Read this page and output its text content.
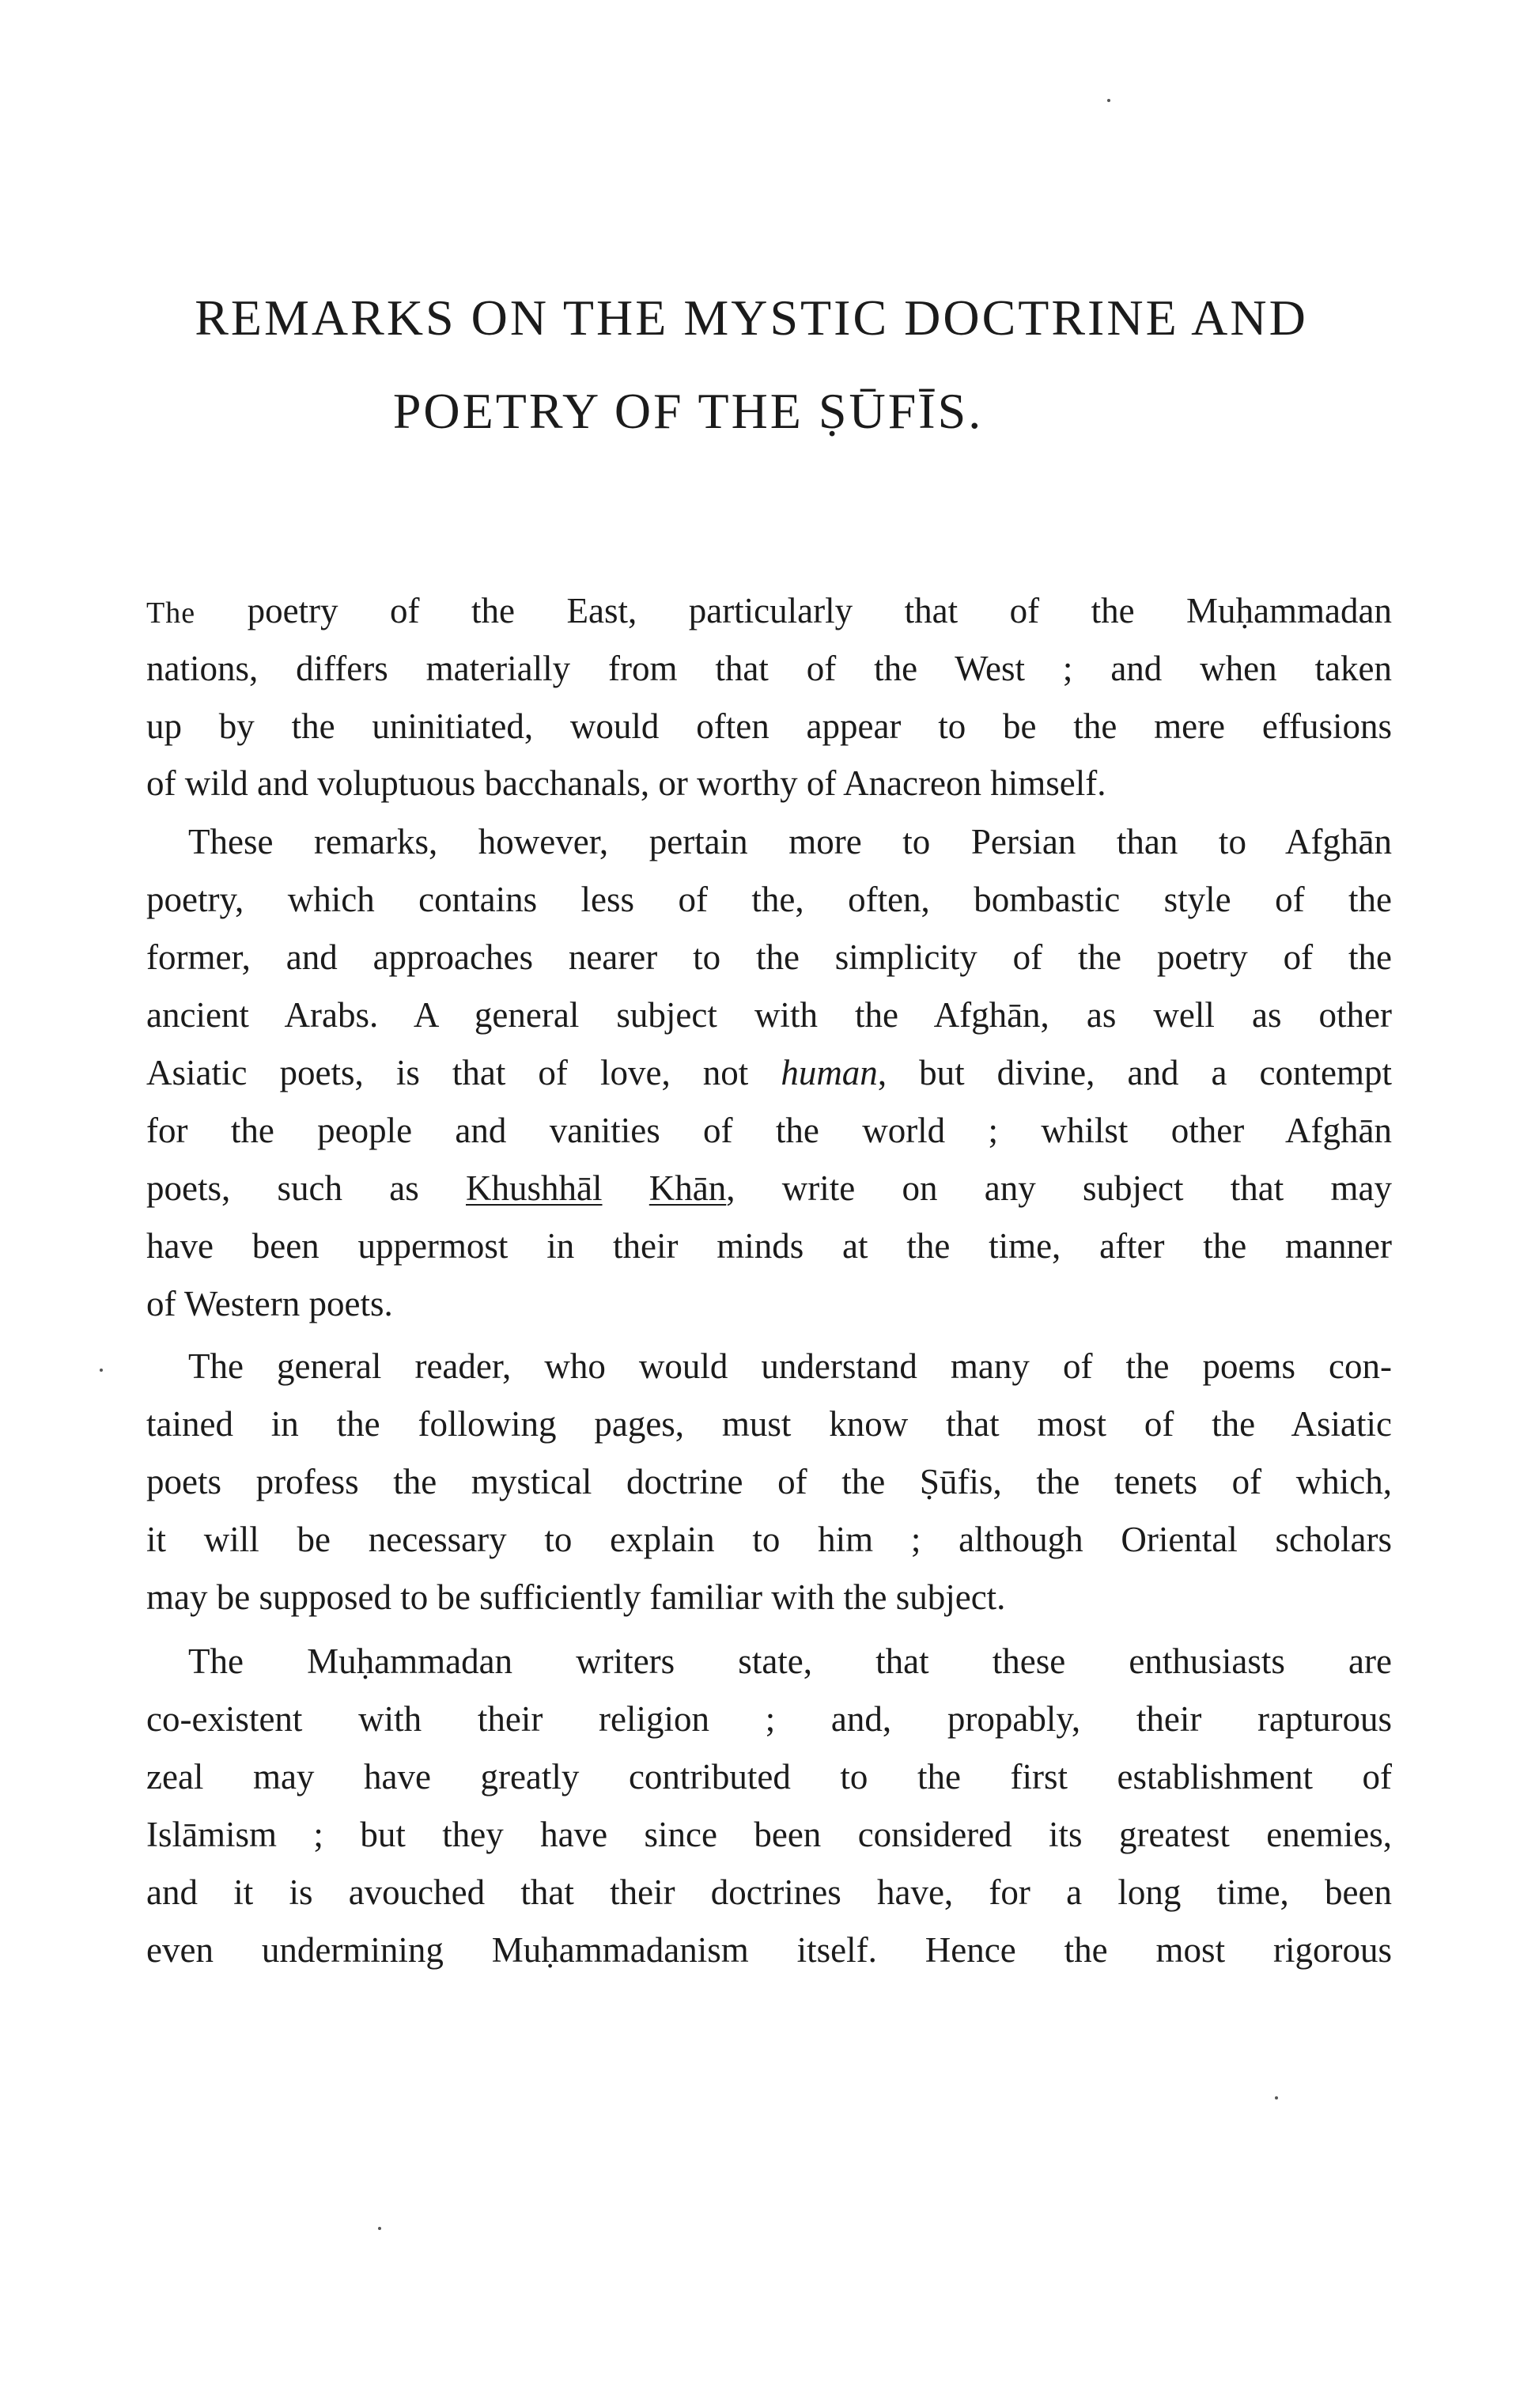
REMARKS ON THE MYSTIC DOCTRINE AND
POETRY OF THE ṢŪFĪS.
The poetry of the East, particularly that of the Muḥammadan
nations, differs materially from that of the West ; and when taken
up by the uninitiated, would often appear to be the mere effusions
of wild and voluptuous bacchanals, or worthy of Anacreon himself.
These remarks, however, pertain more to Persian than to Afghān
poetry, which contains less of the, often, bombastic style of the
former, and approaches nearer to the simplicity of the poetry of the
ancient Arabs. A general subject with the Afghān, as well as other
Asiatic poets, is that of love, not human, but divine, and a contempt
for the people and vanities of the world ; whilst other Afghān
poets, such as Khushhāl Khān, write on any subject that may
have been uppermost in their minds at the time, after the manner
of Western poets.
The general reader, who would understand many of the poems con-
tained in the following pages, must know that most of the Asiatic
poets profess the mystical doctrine of the Ṣūfis, the tenets of which,
it will be necessary to explain to him ; although Oriental scholars
may be supposed to be sufficiently familiar with the subject.
The Muḥammadan writers state, that these enthusiasts are
co-existent with their religion ; and, propably, their rapturous
zeal may have greatly contributed to the first establishment of
Islāmism ; but they have since been considered its greatest enemies,
and it is avouched that their doctrines have, for a long time, been
even undermining Muḥammadanism itself. Hence the most rigorous
